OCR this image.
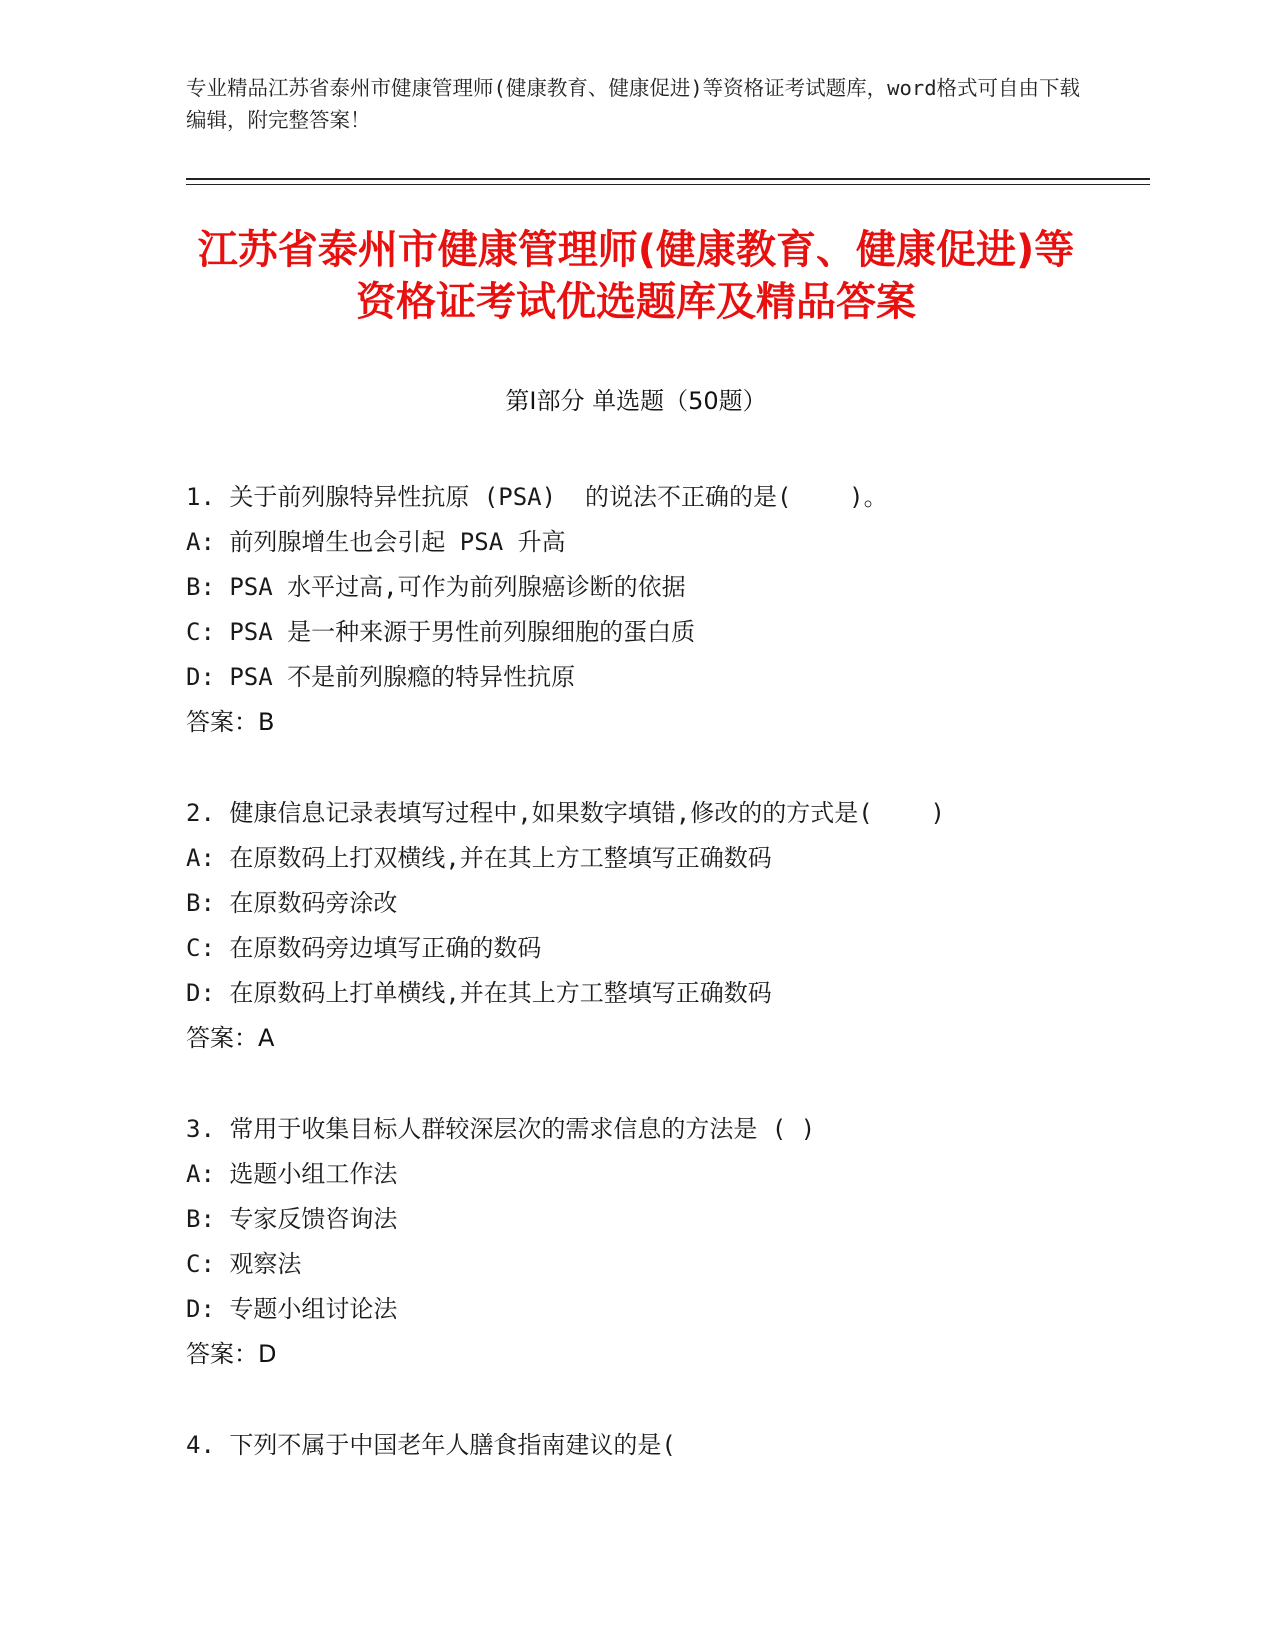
专业精品江苏省泰州市健康管理师(健康教育、健康促进)等资格证考试题库，word格式可自由下载编辑，附完整答案！
江苏省泰州市健康管理师(健康教育、健康促进)等资格证考试优选题库及精品答案
第Ⅰ部分 单选题（50题）
1. 关于前列腺特异性抗原 (PSA)  的说法不正确的是(    )。
A: 前列腺增生也会引起 PSA 升高
B: PSA 水平过高,可作为前列腺癌诊断的依据
C: PSA 是一种来源于男性前列腺细胞的蛋白质
D: PSA 不是前列腺瘾的特异性抗原
答案：B
2. 健康信息记录表填写过程中,如果数字填错,修改的的方式是(    )
A: 在原数码上打双横线,并在其上方工整填写正确数码
B: 在原数码旁涂改
C: 在原数码旁边填写正确的数码
D: 在原数码上打单横线,并在其上方工整填写正确数码
答案：A
3. 常用于收集目标人群较深层次的需求信息的方法是 ( )
A: 选题小组工作法
B: 专家反馈咨询法
C: 观察法
D: 专题小组讨论法
答案：D
4. 下列不属于中国老年人膳食指南建议的是(
